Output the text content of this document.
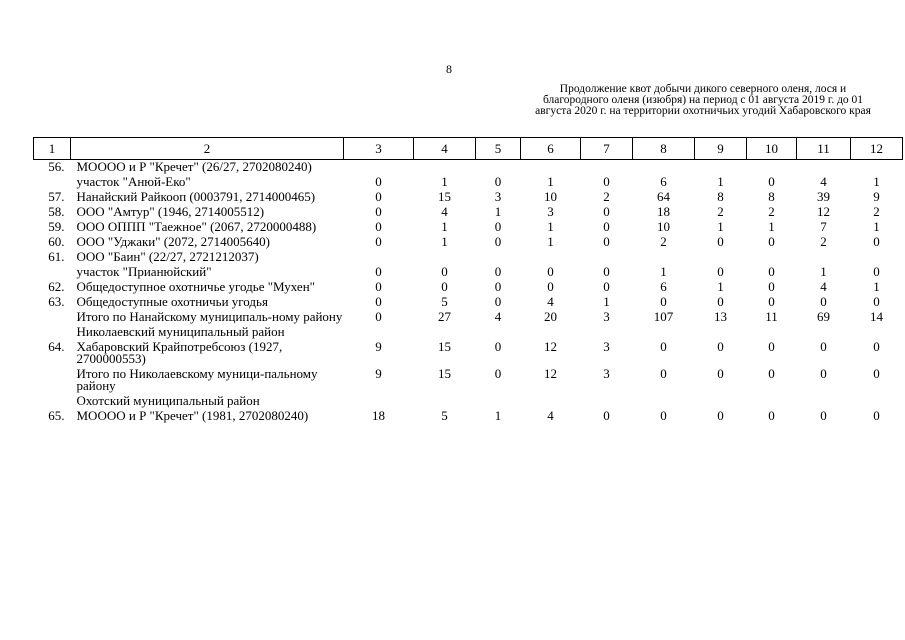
8
Продолжение квот добычи дикого северного оленя, лося и благородного оленя (изюбря) на период с 01 августа 2019 г. до 01 августа 2020 г. на территории охотничьих угодий Хабаровского края
1	2	3	4	5	6	7	8	9	10	11	12
56.	МООOO и Р "Кречет" (26/27, 2702080240)										
	участок "Анюй-Еко"	0	1	0	1	0	6	1	0	4	1
57.	Нанайский Райкооп (0003791, 2714000465)	0	15	3	10	2	64	8	8	39	9
58.	ООО "Амтур" (1946, 2714005512)	0	4	1	3	0	18	2	2	12	2
59.	ООО ОППП "Таежное" (2067, 2720000488)	0	1	0	1	0	10	1	1	7	1
60.	ООО "Уджаки" (2072, 2714005640)	0	1	0	1	0	2	0	0	2	0
61.	ООО "Баин" (22/27, 2721212037)										
	участок "Прианюйский"	0	0	0	0	0	1	0	0	1	0
62.	Общедоступное охотничье угодье "Мухен"	0	0	0	0	0	6	1	0	4	1
63.	Общедоступные охотничьи угодья	0	5	0	4	1	0	0	0	0	0
	Итого по Нанайскому муниципаль-ному району	0	27	4	20	3	107	13	11	69	14
	Николаевский муниципальный район										
64.	Хабаровский Крайпотребсоюз (1927, 2700000553)	9	15	0	12	3	0	0	0	0	0
	Итого по Николаевскому муници-пальному району	9	15	0	12	3	0	0	0	0	0
	Охотский муниципальный район										
65.	МОООО и Р "Кречет" (1981, 2702080240)	18	5	1	4	0	0	0	0	0	0
